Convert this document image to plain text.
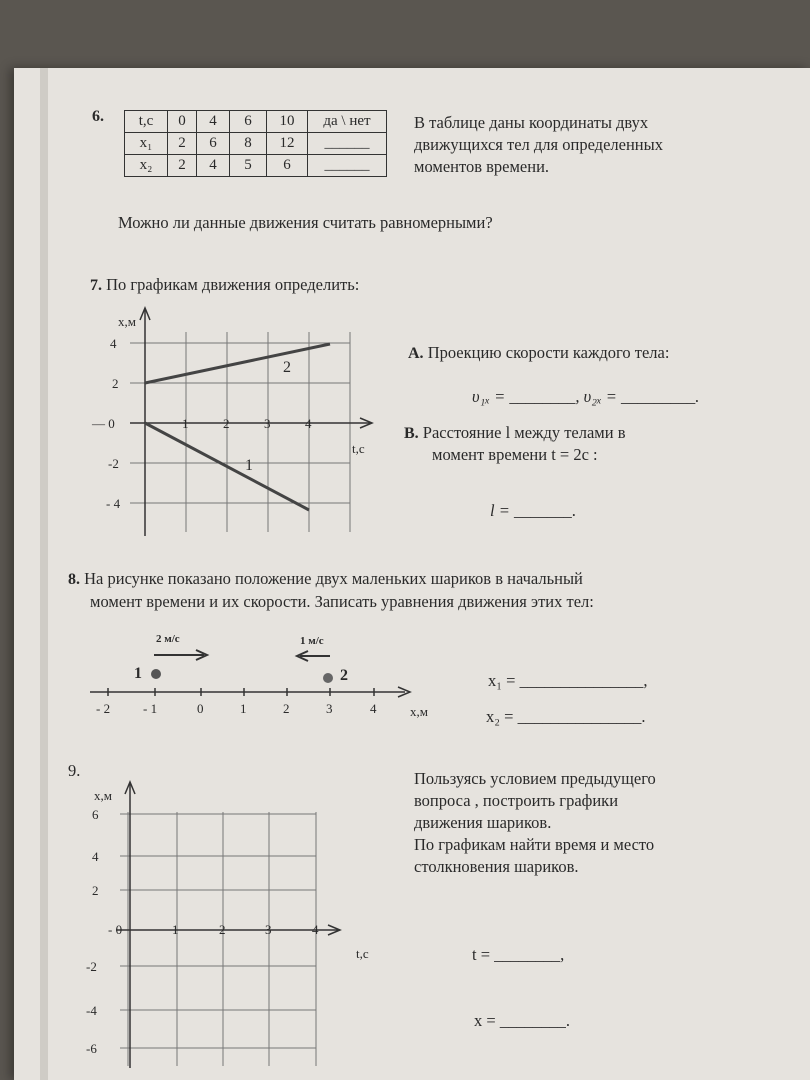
6. t,c	0	4	6	10	да \ нет
x₁	2	6	8	12	______
x₂	2	4	5	6	______
В таблице даны координаты двух
движущихся тел для определенных
моментов времени.
Можно ли данные движения считать равномерными?
7. По графикам движения определить:
x,м
t,c
4
2
— 0
-2
- 4
1	2	3	4
2
1
А. Проекцию скорости каждого тела:
υ₁ₓ = ________, υ₂ₓ = _________.
В. Расстояние l между телами в
момент времени t = 2c :
l = _______.
8. На рисунке показано положение двух маленьких шариков в начальный
момент времени и их скорости. Записать уравнения движения этих тел:
- 2	- 1	0	1	2	3	4	x,м
1
2 м/с
2
1 м/с
x₁ = _______________,
x₂ = _______________.
9.
x,м
t,c
6
4
2
- 0
-2
-4
-6
1	2	3	4
Пользуясь условием предыдущего
вопроса , построить графики
движения шариков.
По графикам найти время и место
столкновения шариков.
t = ________,
x = ________.
